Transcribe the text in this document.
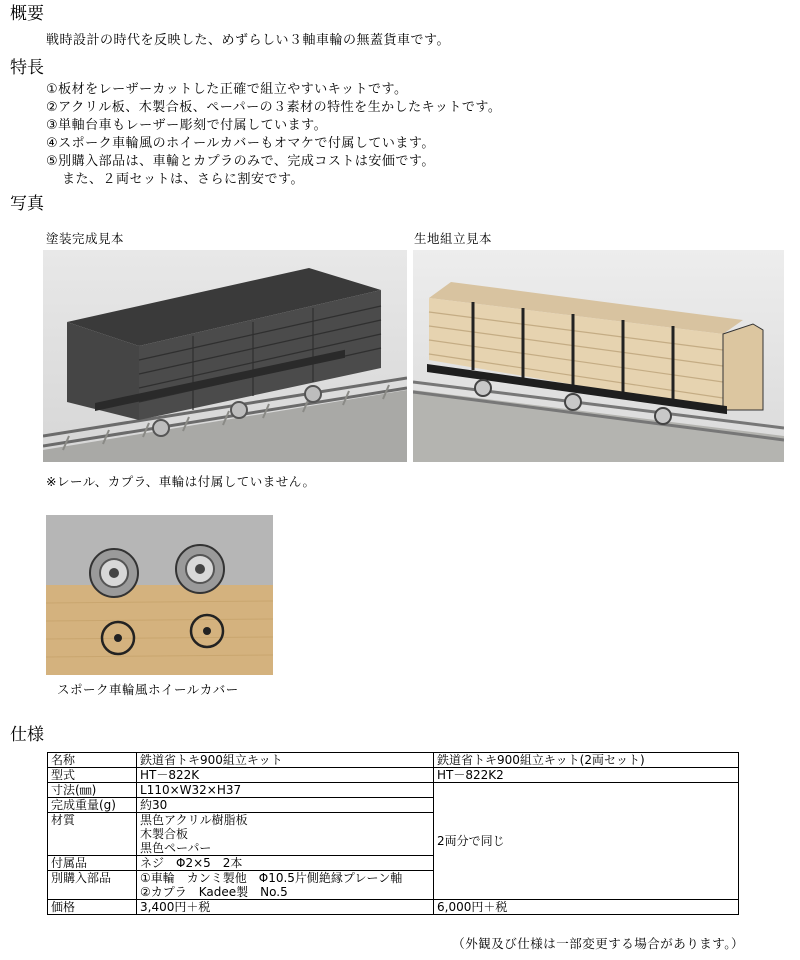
概要
戦時設計の時代を反映した、めずらしい３軸車輪の無蓋貨車です。
特長
①板材をレーザーカットした正確で組立やすいキットです。
②アクリル板、木製合板、ペーパーの３素材の特性を生かしたキットです。
③単軸台車もレーザー彫刻で付属しています。
④スポーク車輪風のホイールカバーもオマケで付属しています。
⑤別購入部品は、車輪とカプラのみで、完成コストは安価です。
また、２両セットは、さらに割安です。
写真
塗装完成見本	生地組立見本
※レール、カプラ、車輪は付属していません。
スポーク車輪風ホイールカバー
仕様
名称	鉄道省トキ900組立キット	鉄道省トキ900組立キット(2両セット)
型式	HT－822K	HT－822K2
寸法(㎜)	L110×W32×H37	2両分で同じ
完成重量(g)	約30	
材質	黒色アクリル樹脂板
木製合板
黒色ペーパー	

付属品	ネジ　Φ2×5　2本	
別購入部品	①車輪　カンミ製他　Φ10.5片側絶縁プレーン軸
②カプラ　Kadee製　No.5	

価格	3,400円＋税	6,000円＋税
（外観及び仕様は一部変更する場合があります。）
